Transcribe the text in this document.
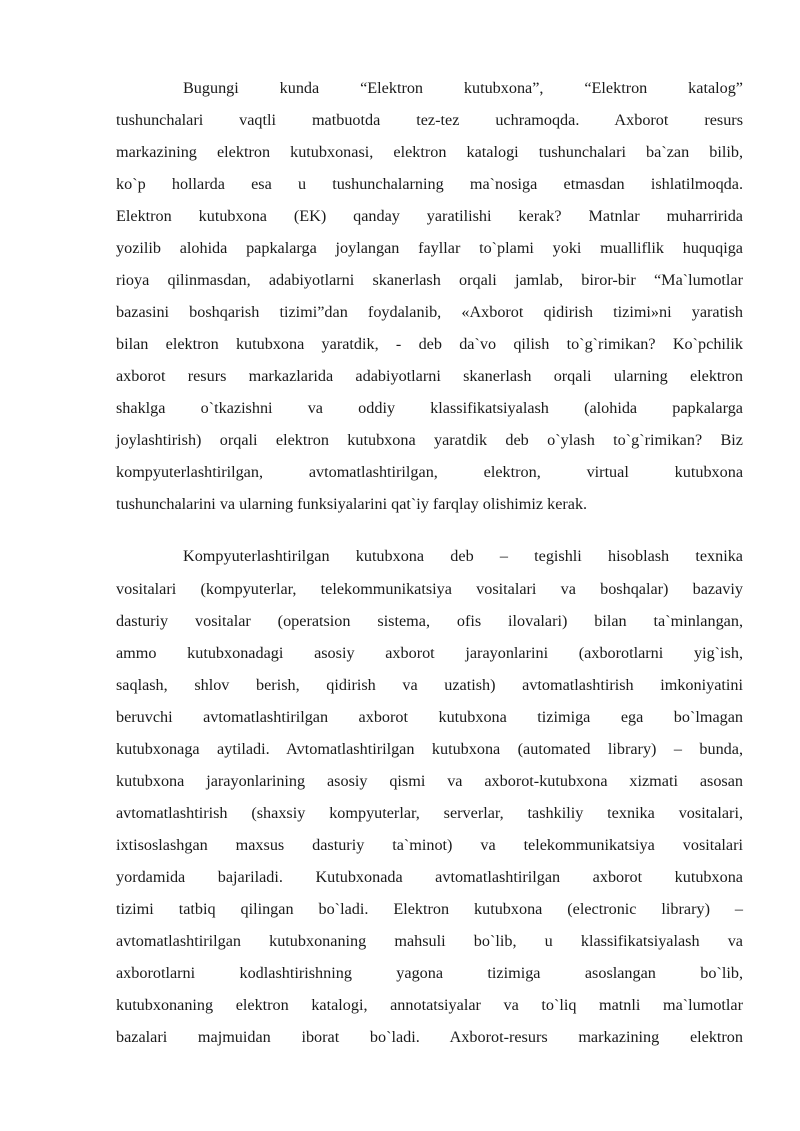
Bugungi kunda “Elektron kutubxona”, “Elektron katalog”
tushunchalari vaqtli matbuotda tez-tez uchramoqda. Axborot resurs
markazining elektron kutubxonasi, elektron katalogi tushunchalari ba`zan bilib,
ko`p hollarda esa u tushunchalarning ma`nosiga etmasdan ishlatilmoqda.
Elektron kutubxona (EK) qanday yaratilishi kerak? Matnlar muharririda
yozilib alohida papkalarga joylangan fayllar to`plami yoki mualliflik huquqiga
rioya qilinmasdan, adabiyotlarni skanerlash orqali jamlab, biror-bir “Ma`lumotlar
bazasini boshqarish tizimi”dan foydalanib, «Axborot qidirish tizimi»ni yaratish
bilan elektron kutubxona yaratdik, - deb da`vo qilish to`g`rimikan? Ko`pchilik
axborot resurs markazlarida adabiyotlarni skanerlash orqali ularning elektron
shaklga o`tkazishni va oddiy klassifikatsiyalash (alohida papkalarga
joylashtirish) orqali elektron kutubxona yaratdik deb o`ylash to`g`rimikan? Biz
kompyuterlashtirilgan, avtomatlashtirilgan, elektron, virtual kutubxona
tushunchalarini va ularning funksiyalarini qat`iy farqlay olishimiz kerak.
Kompyuterlashtirilgan kutubxona deb – tegishli hisoblash texnika
vositalari (kompyuterlar, telekommunikatsiya vositalari va boshqalar) bazaviy
dasturiy vositalar (operatsion sistema, ofis ilovalari) bilan ta`minlangan,
ammo kutubxonadagi asosiy axborot jarayonlarini (axborotlarni yig`ish,
saqlash, shlov berish, qidirish va uzatish) avtomatlashtirish imkoniyatini
beruvchi avtomatlashtirilgan axborot kutubxona tizimiga ega bo`lmagan
kutubxonaga aytiladi. Avtomatlashtirilgan kutubxona (automated library) – bunda,
kutubxona jarayonlarining asosiy qismi va axborot-kutubxona xizmati asosan
avtomatlashtirish (shaxsiy kompyuterlar, serverlar, tashkiliy texnika vositalari,
ixtisoslashgan maxsus dasturiy ta`minot) va telekommunikatsiya vositalari
yordamida bajariladi. Kutubxonada avtomatlashtirilgan axborot kutubxona
tizimi tatbiq qilingan bo`ladi. Elektron kutubxona (electronic library) –
avtomatlashtirilgan kutubxonaning mahsuli bo`lib, u klassifikatsiyalash va
axborotlarni kodlashtirishning yagona tizimiga asoslangan bo`lib,
kutubxonaning elektron katalogi, annotatsiyalar va to`liq matnli ma`lumotlar
bazalari majmuidan iborat bo`ladi. Axborot-resurs markazining elektron
